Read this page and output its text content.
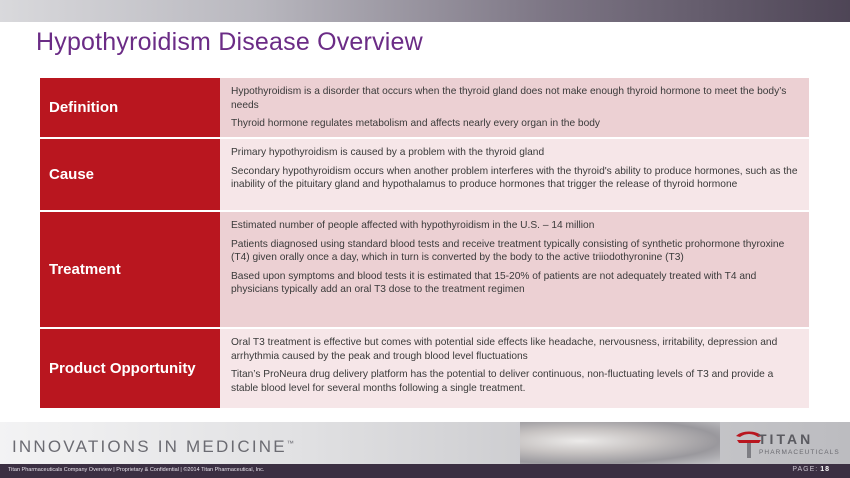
Hypothyroidism Disease Overview
Definition

Hypothyroidism is a disorder that occurs when the thyroid gland does not make enough thyroid hormone to meet the body’s needs

Thyroid hormone regulates metabolism and affects nearly every organ in the body

Cause

Primary hypothyroidism is caused by a problem with the thyroid gland

Secondary hypothyroidism occurs when another problem interferes with the thyroid's ability to produce hormones, such as the inability of the pituitary gland and hypothalamus to produce hormones that trigger the release of thyroid hormone

Treatment

Estimated number of people affected with hypothyroidism in the U.S. – 14 million

Patients diagnosed using standard blood tests and receive treatment typically consisting of synthetic prohormone thyroxine (T4) given orally once a day, which in turn is converted by the body to the active triiodothyronine (T3)

Based upon symptoms and blood tests it is estimated that 15-20% of patients are not adequately treated with T4 and physicians typically add an oral T3 dose to the treatment regimen

Product Opportunity

Oral T3 treatment is effective but comes with potential side effects like headache, nervousness, irritability, depression and arrhythmia caused by the peak and trough blood level fluctuations

Titan’s ProNeura drug delivery platform has the potential to deliver continuous, non-fluctuating levels of T3 and provide a stable blood level for several months following a single treatment.

INNOVATIONS IN MEDICINE™	TITAN
PHARMACEUTICALS
Titan Pharmaceuticals Company Overview | Proprietary & Confidential | ©2014 Titan Pharmaceutical, Inc.	PAGE: 18
